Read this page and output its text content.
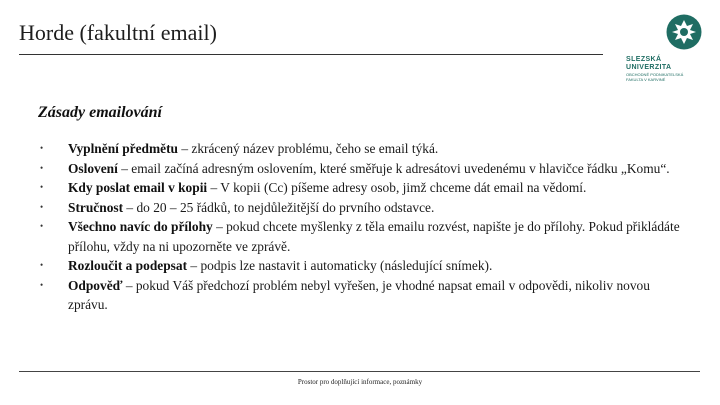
Horde (fakultní email)
SLEZSKÁ
UNIVERZITA
OBCHODNĚ PODNIKATELSKÁ
FAKULTA V KARVINÉ
Zásady emailování
• Vyplnění předmětu – zkrácený název problému, čeho se email týká.
• Oslovení – email začíná adresným oslovením, které směřuje k adresátovi uvedenému v hlavičce řádku „Komu“.
• Kdy poslat email v kopii – V kopii (Cc) píšeme adresy osob, jimž chceme dát email na vědomí.
• Stručnost – do 20 – 25 řádků, to nejdůležitější do prvního odstavce.
• Všechno navíc do přílohy – pokud chcete myšlenky z těla emailu rozvést, napište je do přílohy. Pokud přikládáte přílohu, vždy na ni upozorněte ve zprávě.
• Rozloučit a podepsat – podpis lze nastavit i automaticky (následující snímek).
• Odpověď – pokud Váš předchozí problém nebyl vyřešen, je vhodné napsat email v odpovědi, nikoliv novou zprávu.
Prostor pro doplňující informace, poznámky
